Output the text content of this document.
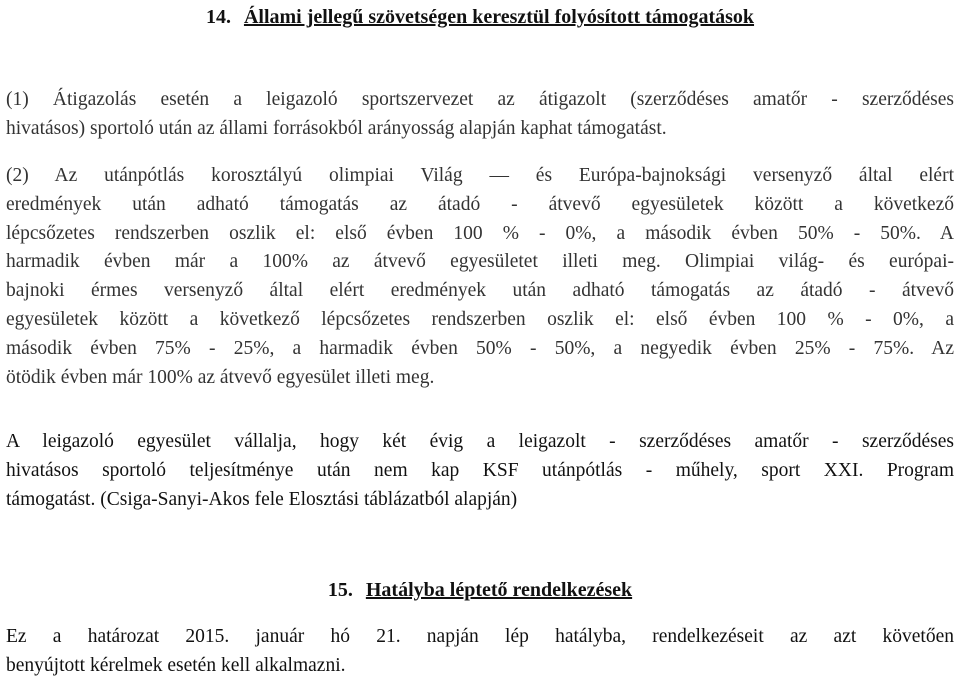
14. Állami jellegű szövetségen keresztül folyósított támogatások

(1) Átigazolás esetén a leigazoló sportszervezet az átigazolt (szerződéses amatőr - szerződéses
hivatásos) sportoló után az állami forrásokból arányosság alapján kaphat támogatást.

(2) Az utánpótlás korosztályú olimpiai Világ — és Európa-bajnoksági versenyző által elért
eredmények után adható támogatás az átadó - átvevő egyesületek között a következő
lépcsőzetes rendszerben oszlik el: első évben 100 % - 0%, a második évben 50% - 50%. A
harmadik évben már a 100% az átvevő egyesületet illeti meg. Olimpiai világ- és európai-
bajnoki érmes versenyző által elért eredmények után adható támogatás az átadó - átvevő
egyesületek között a következő lépcsőzetes rendszerben oszlik el: első évben 100 % - 0%, a
második évben 75% - 25%, a harmadik évben 50% - 50%, a negyedik évben 25% - 75%. Az
ötödik évben már 100% az átvevő egyesület illeti meg.

A leigazoló egyesület vállalja, hogy két évig a leigazolt - szerződéses amatőr - szerződéses
hivatásos sportoló teljesítménye után nem kap KSF utánpótlás - műhely, sport XXI. Program
támogatást. (Csiga-Sanyi-Akos fele Elosztási táblázatból alapján)

15. Hatályba léptető rendelkezések

Ez a határozat 2015. január hó 21. napján lép hatályba, rendelkezéseit az azt követően
benyújtott kérelmek esetén kell alkalmazni.
